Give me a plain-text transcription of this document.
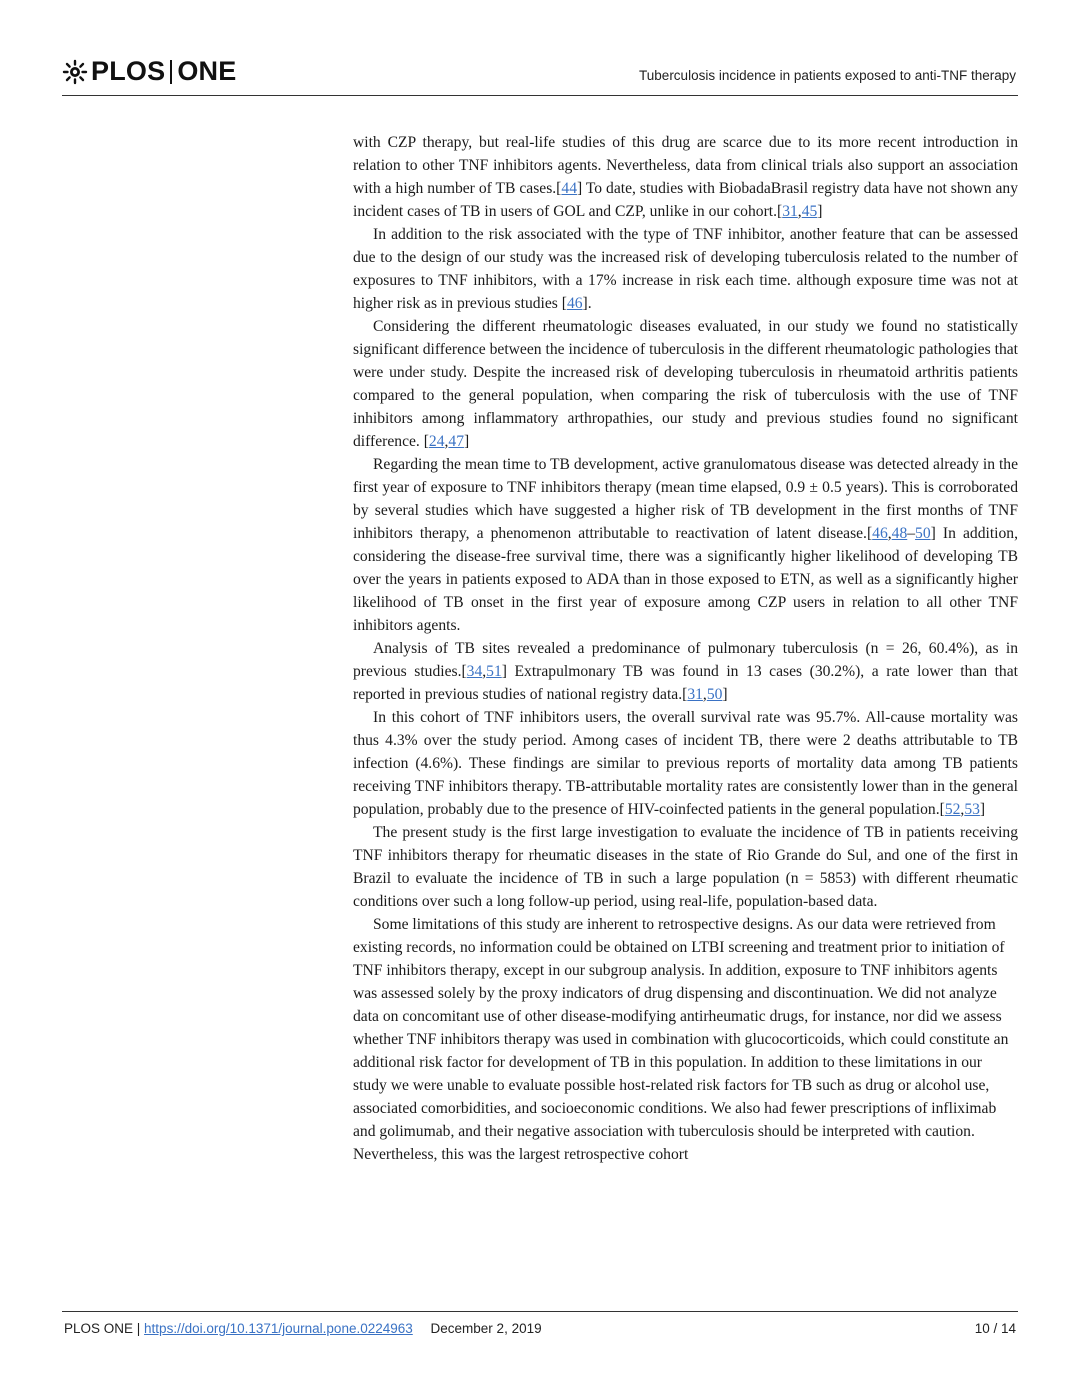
PLOS ONE	Tuberculosis incidence in patients exposed to anti-TNF therapy

with CZP therapy, but real-life studies of this drug are scarce due to its more recent introduction in relation to other TNF inhibitors agents. Nevertheless, data from clinical trials also support an association with a high number of TB cases.[44] To date, studies with BiobadaBrasil registry data have not shown any incident cases of TB in users of GOL and CZP, unlike in our cohort.[31,45]

In addition to the risk associated with the type of TNF inhibitor, another feature that can be assessed due to the design of our study was the increased risk of developing tuberculosis related to the number of exposures to TNF inhibitors, with a 17% increase in risk each time. although exposure time was not at higher risk as in previous studies [46].

Considering the different rheumatologic diseases evaluated, in our study we found no statistically significant difference between the incidence of tuberculosis in the different rheumatologic pathologies that were under study. Despite the increased risk of developing tuberculosis in rheumatoid arthritis patients compared to the general population, when comparing the risk of tuberculosis with the use of TNF inhibitors among inflammatory arthropathies, our study and previous studies found no significant difference. [24,47]

Regarding the mean time to TB development, active granulomatous disease was detected already in the first year of exposure to TNF inhibitors therapy (mean time elapsed, 0.9 ± 0.5 years). This is corroborated by several studies which have suggested a higher risk of TB development in the first months of TNF inhibitors therapy, a phenomenon attributable to reactivation of latent disease.[46,48–50] In addition, considering the disease-free survival time, there was a significantly higher likelihood of developing TB over the years in patients exposed to ADA than in those exposed to ETN, as well as a significantly higher likelihood of TB onset in the first year of exposure among CZP users in relation to all other TNF inhibitors agents.

Analysis of TB sites revealed a predominance of pulmonary tuberculosis (n = 26, 60.4%), as in previous studies.[34,51] Extrapulmonary TB was found in 13 cases (30.2%), a rate lower than that reported in previous studies of national registry data.[31,50]

In this cohort of TNF inhibitors users, the overall survival rate was 95.7%. All-cause mortality was thus 4.3% over the study period. Among cases of incident TB, there were 2 deaths attributable to TB infection (4.6%). These findings are similar to previous reports of mortality data among TB patients receiving TNF inhibitors therapy. TB-attributable mortality rates are consistently lower than in the general population, probably due to the presence of HIV-coinfected patients in the general population.[52,53]

The present study is the first large investigation to evaluate the incidence of TB in patients receiving TNF inhibitors therapy for rheumatic diseases in the state of Rio Grande do Sul, and one of the first in Brazil to evaluate the incidence of TB in such a large population (n = 5853) with different rheumatic conditions over such a long follow-up period, using real-life, population-based data.

Some limitations of this study are inherent to retrospective designs. As our data were retrieved from existing records, no information could be obtained on LTBI screening and treatment prior to initiation of TNF inhibitors therapy, except in our subgroup analysis. In addition, exposure to TNF inhibitors agents was assessed solely by the proxy indicators of drug dispensing and discontinuation. We did not analyze data on concomitant use of other disease-modifying antirheumatic drugs, for instance, nor did we assess whether TNF inhibitors therapy was used in combination with glucocorticoids, which could constitute an additional risk factor for development of TB in this population. In addition to these limitations in our study we were unable to evaluate possible host-related risk factors for TB such as drug or alcohol use, associated comorbidities, and socioeconomic conditions. We also had fewer prescriptions of infliximab and golimumab, and their negative association with tuberculosis should be interpreted with caution. Nevertheless, this was the largest retrospective cohort

PLOS ONE | https://doi.org/10.1371/journal.pone.0224963 December 2, 2019	10 / 14
